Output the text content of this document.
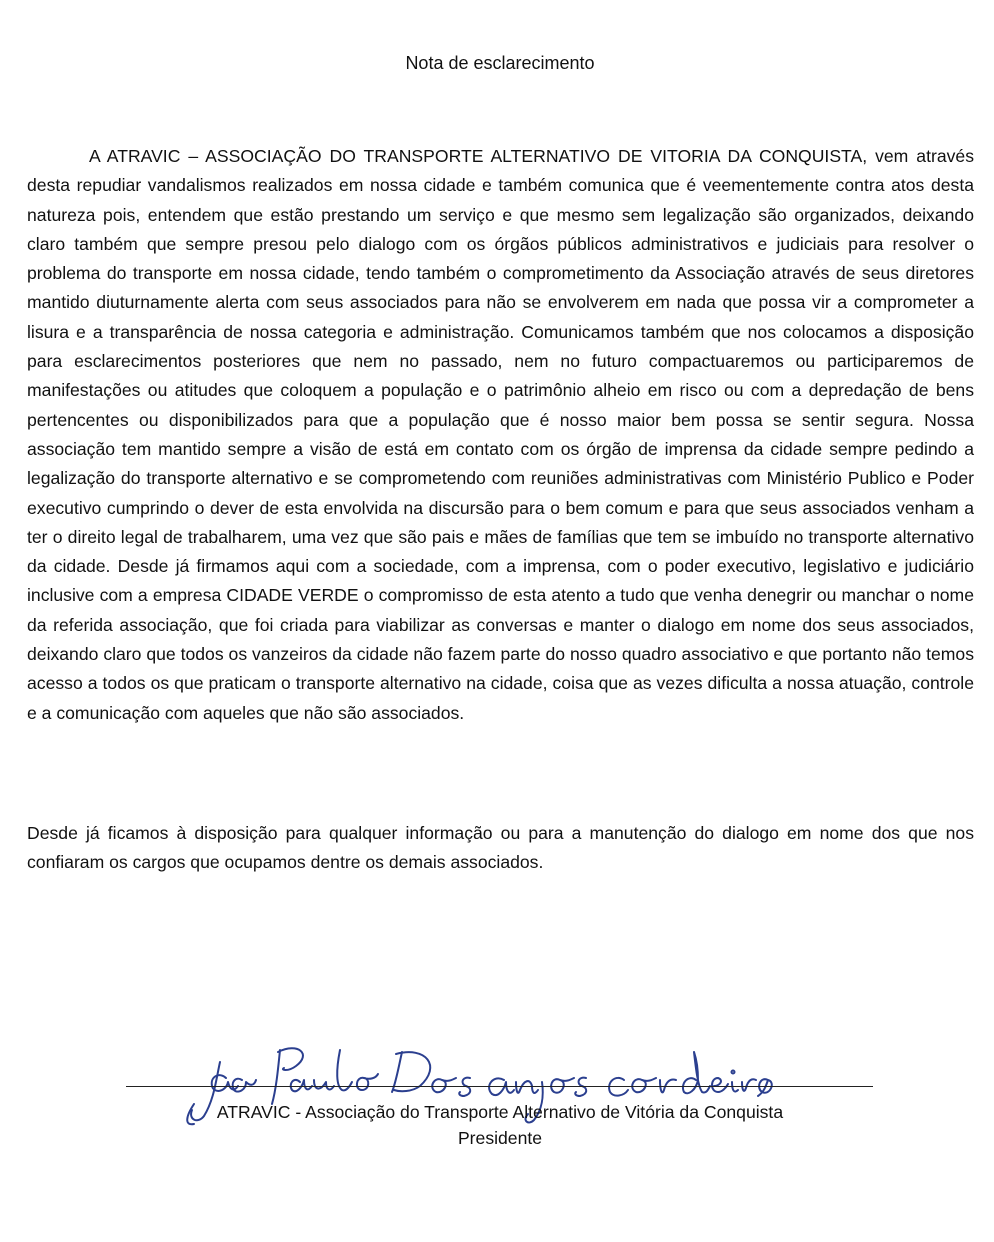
Nota de esclarecimento

A ATRAVIC – ASSOCIAÇÃO DO TRANSPORTE ALTERNATIVO DE VITORIA DA CONQUISTA, vem através desta repudiar vandalismos realizados em nossa cidade e também comunica que é veementemente contra atos desta natureza pois, entendem que estão prestando um serviço e que mesmo sem legalização são organizados, deixando claro também que sempre presou pelo dialogo com os órgãos públicos administrativos e judiciais para resolver o problema do transporte em nossa cidade, tendo também o comprometimento da Associação através de seus diretores mantido diuturnamente alerta com seus associados para não se envolverem em nada que possa vir a comprometer a lisura e a transparência de nossa categoria e administração. Comunicamos também que nos colocamos a disposição para esclarecimentos posteriores que nem no passado, nem no futuro compactuaremos ou participaremos de manifestações ou atitudes que coloquem a população e o patrimônio alheio em risco ou com a depredação de bens pertencentes ou disponibilizados para que a população que é nosso maior bem possa se sentir segura. Nossa associação tem mantido sempre a visão de está em contato com os órgão de imprensa da cidade sempre pedindo a legalização do transporte alternativo e se comprometendo com reuniões administrativas com Ministério Publico e Poder executivo cumprindo o dever de esta envolvida na discursão para o bem comum e para que seus associados venham a ter o direito legal de trabalharem, uma vez que são pais e mães de famílias que tem se imbuído no transporte alternativo da cidade. Desde já firmamos aqui com a sociedade, com a imprensa, com o poder executivo, legislativo e judiciário inclusive com a empresa CIDADE VERDE o compromisso de esta atento a tudo que venha denegrir ou manchar o nome da referida associação, que foi criada para viabilizar as conversas e manter o dialogo em nome dos seus associados, deixando claro que todos os vanzeiros da cidade não fazem parte do nosso quadro associativo e que portanto não temos acesso a todos os que praticam o transporte alternativo na cidade, coisa que as vezes dificulta a nossa atuação, controle e a comunicação com aqueles que não são associados.

Desde já ficamos à disposição para qualquer informação ou para a manutenção do dialogo em nome dos que nos confiaram os cargos que ocupamos dentre os demais associados.

ATRAVIC - Associação do Transporte Alternativo de Vitória da Conquista
Presidente
